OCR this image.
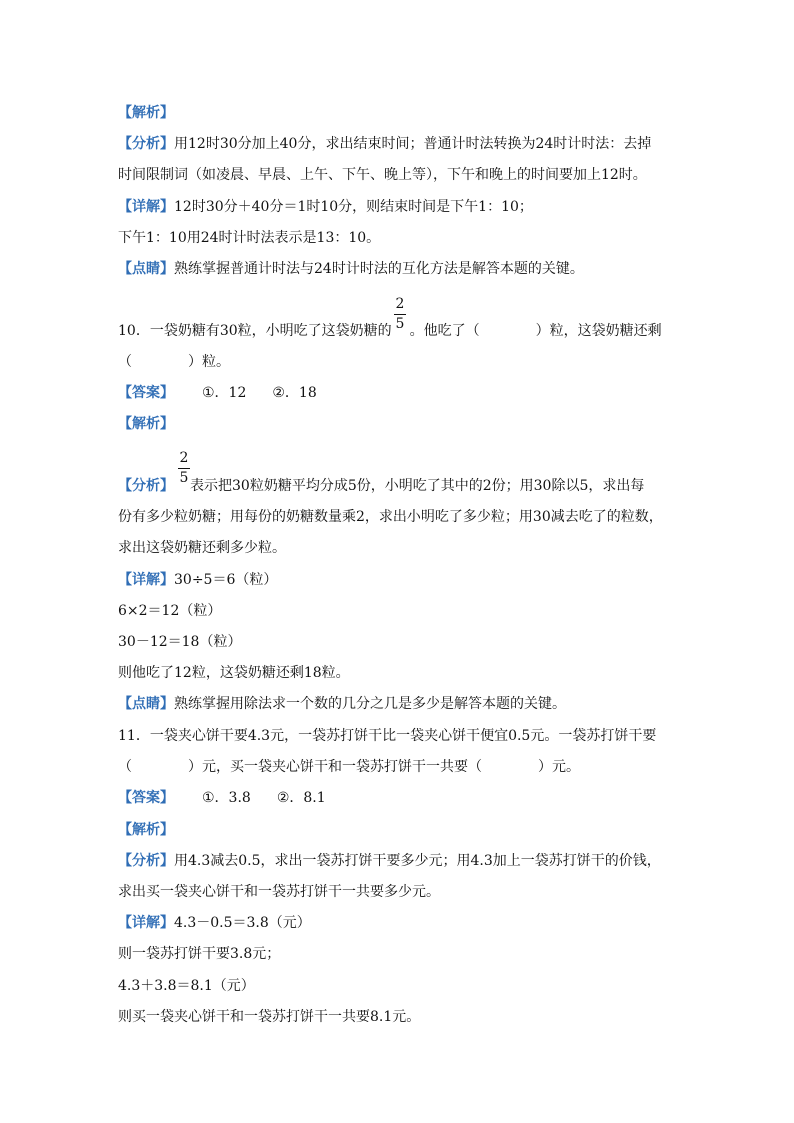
【解析】
【分析】用12时30分加上40分，求出结束时间；普通计时法转换为24时计时法：去掉
时间限制词（如凌晨、早晨、上午、下午、晚上等），下午和晚上的时间要加上12时。
【详解】12时30分＋40分＝1时10分，则结束时间是下午1：10；
下午1：10用24时计时法表示是13：10。
【点睛】熟练掌握普通计时法与24时计时法的互化方法是解答本题的关键。
2
5
10．一袋奶糖有30粒，小明吃了这袋奶糖的 。他吃了（	）粒，这袋奶糖还剩
（	）粒。
【答案】 ①．12 ②．18
【解析】
2
5
【分析】 表示把30粒奶糖平均分成5份，小明吃了其中的2份；用30除以5，求出每
份有多少粒奶糖；用每份的奶糖数量乘2，求出小明吃了多少粒；用30减去吃了的粒数，
求出这袋奶糖还剩多少粒。
【详解】30÷5＝6（粒）
6×2＝12（粒）
30－12＝18（粒）
则他吃了12粒，这袋奶糖还剩18粒。
【点睛】熟练掌握用除法求一个数的几分之几是多少是解答本题的关键。
11．一袋夹心饼干要4.3元，一袋苏打饼干比一袋夹心饼干便宜0.5元。一袋苏打饼干要
（	）元，买一袋夹心饼干和一袋苏打饼干一共要（	）元。
【答案】 ①．3.8 ②．8.1
【解析】
【分析】用4.3减去0.5，求出一袋苏打饼干要多少元；用4.3加上一袋苏打饼干的价钱，
求出买一袋夹心饼干和一袋苏打饼干一共要多少元。
【详解】4.3－0.5＝3.8（元）
则一袋苏打饼干要3.8元；
4.3＋3.8＝8.1（元）
则买一袋夹心饼干和一袋苏打饼干一共要8.1元。
